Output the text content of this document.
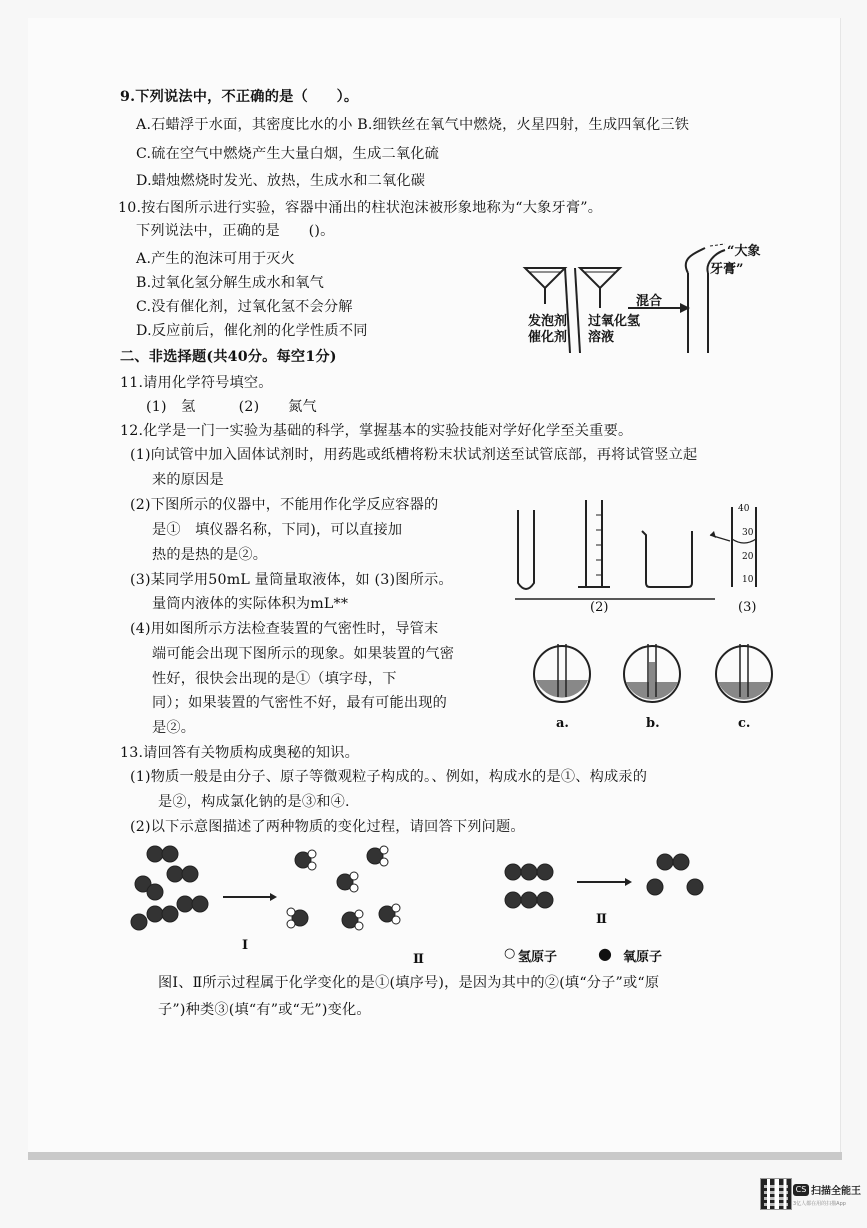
9.下列说法中，不正确的是（　　）。
A.石蜡浮于水面，其密度比水的小 B.细铁丝在氧气中燃烧，火星四射，生成四氧化三铁
C.硫在空气中燃烧产生大量白烟，生成二氧化硫
D.蜡烛燃烧时发光、放热，生成水和二氧化碳
10.按右图所示进行实验，容器中涌出的柱状泡沫被形象地称为“大象牙膏”。
下列说法中，正确的是　　()。
A.产生的泡沫可用于灭火
B.过氧化氢分解生成水和氧气
C.没有催化剂，过氧化氢不会分解
D.反应前后，催化剂的化学性质不同
二、非选择题(共40分。每空1分)
11.请用化学符号填空。
(1)　氢　　　(2)　　氮气
12.化学是一门一实验为基础的科学，掌握基本的实验技能对学好化学至关重要。
(1)向试管中加入固体试剂时，用药匙或纸槽将粉末状试剂送至试管底部，再将试管竖立起
来的原因是
(2)下图所示的仪器中，不能用作化学反应容器的
是①　填仪器名称，下同)，可以直接加
热的是热的是②。
(3)某同学用50mL 量筒量取液体，如 (3)图所示。
量筒内液体的实际体积为mL**
(4)用如图所示方法检查装置的气密性时，导管末
端可能会出现下图所示的现象。如果装置的气密
性好，很快会出现的是①（填字母，下
同）；如果装置的气密性不好，最有可能出现的
是②。
13.请回答有关物质构成奥秘的知识。
(1)物质一般是由分子、原子等微观粒子构成的。、例如，构成水的是①、构成汞的
是②，构成氯化钠的是③和④.
(2)以下示意图描述了两种物质的变化过程，请回答下列问题。
图Ⅰ、Ⅱ所示过程属于化学变化的是①(填序号)，是因为其中的②(填“分子”或“原
子”)种类③(填“有”或“无”)变化。
“大象
牙膏”
混合
发泡剂
催化剂
过氧化氢
溶液
(2)	(3)
40
30
20
10
a.	b.	c.
Ⅰ
Ⅱ
Ⅱ
○ 氢原子	● 氧原子
CS 扫描全能王
3亿人都在用的扫描App
